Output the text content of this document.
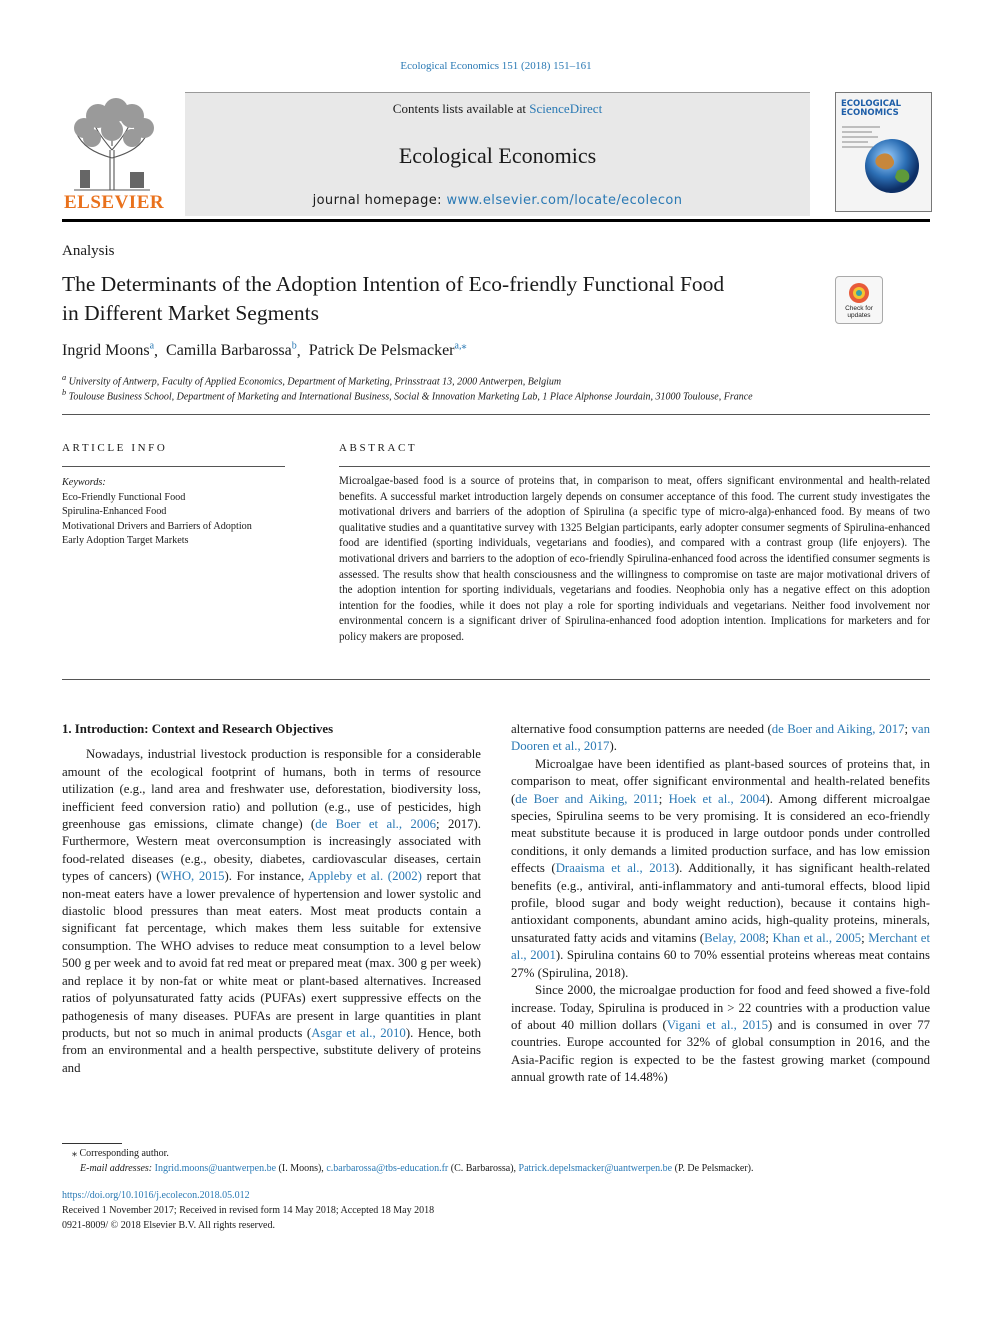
Ecological Economics 151 (2018) 151–161
ELSEVIER
Contents lists available at ScienceDirect
Ecological Economics
journal homepage: www.elsevier.com/locate/ecolecon
ECOLOGICAL ECONOMICS
Analysis
The Determinants of the Adoption Intention of Eco-friendly Functional Food
in Different Market Segments	Check for updates
Ingrid Moons$^a$,  Camilla Barbarossa$^b$,  Patrick De Pelsmacker$^{a,⁎}$
$^a$ University of Antwerp, Faculty of Applied Economics, Department of Marketing, Prinsstraat 13, 2000 Antwerpen, Belgium
$^b$ Toulouse Business School, Department of Marketing and International Business, Social & Innovation Marketing Lab, 1 Place Alphonse Jourdain, 31000 Toulouse, France
ARTICLE INFO
Keywords:
Eco-Friendly Functional Food
Spirulina-Enhanced Food
Motivational Drivers and Barriers of Adoption
Early Adoption Target Markets
ABSTRACT
Microalgae-based food is a source of proteins that, in comparison to meat, offers significant environmental and health-related benefits. A successful market introduction largely depends on consumer acceptance of this food. The current study investigates the motivational drivers and barriers of the adoption of Spirulina (a specific type of micro-alga)-enhanced food. By means of two qualitative studies and a quantitative survey with 1325 Belgian participants, early adopter consumer segments of Spirulina-enhanced food are identified (sporting individuals, vegetarians and foodies), and compared with a contrast group (life enjoyers). The motivational drivers and barriers to the adoption of eco-friendly Spirulina-enhanced food across the identified consumer segments is assessed. The results show that health consciousness and the willingness to compromise on taste are major motivational drivers of the adoption intention for sporting individuals, vegetarians and foodies. Neophobia only has a negative effect on this adoption intention for the foodies, while it does not play a role for sporting individuals and vegetarians. Neither food involvement nor environmental concern is a significant driver of Spirulina-enhanced food adoption intention. Implications for marketers and for policy makers are proposed.
1. Introduction: Context and Research Objectives

Nowadays, industrial livestock production is responsible for a considerable amount of the ecological footprint of humans, both in terms of resource utilization (e.g., land area and freshwater use, deforestation, biodiversity loss, inefficient feed conversion ratio) and pollution (e.g., use of pesticides, high greenhouse gas emissions, climate change) (de Boer et al., 2006; 2017). Furthermore, Western meat overconsumption is increasingly associated with food-related diseases (e.g., obesity, diabetes, cardiovascular diseases, certain types of cancers) (WHO, 2015). For instance, Appleby et al. (2002) report that non-meat eaters have a lower prevalence of hypertension and lower systolic and diastolic blood pressures than meat eaters. Most meat products contain a significant fat percentage, which makes them less suitable for extensive consumption. The WHO advises to reduce meat consumption to a level below 500 g per week and to avoid fat red meat or prepared meat (max. 300 g per week) and replace it by non-fat or white meat or plant-based alternatives. Increased ratios of polyunsaturated fatty acids (PUFAs) exert suppressive effects on the pathogenesis of many diseases. PUFAs are present in large quantities in plant products, but not so much in animal products (Asgar et al., 2010). Hence, both from an environmental and a health perspective, substitute delivery of proteins and

alternative food consumption patterns are needed (de Boer and Aiking, 2017; van Dooren et al., 2017).

Microalgae have been identified as plant-based sources of proteins that, in comparison to meat, offer significant environmental and health-related benefits (de Boer and Aiking, 2011; Hoek et al., 2004). Among different microalgae species, Spirulina seems to be very promising. It is considered an eco-friendly meat substitute because it is produced in large outdoor ponds under controlled conditions, it only demands a limited production surface, and has low emission effects (Draaisma et al., 2013). Additionally, it has significant health-related benefits (e.g., antiviral, anti-inflammatory and anti-tumoral effects, blood lipid profile, blood sugar and body weight reduction), because it contains high-antioxidant components, abundant amino acids, high-quality proteins, minerals, unsaturated fatty acids and vitamins (Belay, 2008; Khan et al., 2005; Merchant et al., 2001). Spirulina contains 60 to 70% essential proteins whereas meat contains 27% (Spirulina, 2018).

Since 2000, the microalgae production for food and feed showed a five-fold increase. Today, Spirulina is produced in > 22 countries with a production value of about 40 million dollars (Vigani et al., 2015) and is consumed in over 77 countries. Europe accounted for 32% of global consumption in 2016, and the Asia-Pacific region is expected to be the fastest growing market (compound annual growth rate of 14.48%)

⁎ Corresponding author.
E-mail addresses: Ingrid.moons@uantwerpen.be (I. Moons), c.barbarossa@tbs-education.fr (C. Barbarossa), Patrick.depelsmacker@uantwerpen.be (P. De Pelsmacker).
https://doi.org/10.1016/j.ecolecon.2018.05.012
Received 1 November 2017; Received in revised form 14 May 2018; Accepted 18 May 2018
0921-8009/ © 2018 Elsevier B.V. All rights reserved.
